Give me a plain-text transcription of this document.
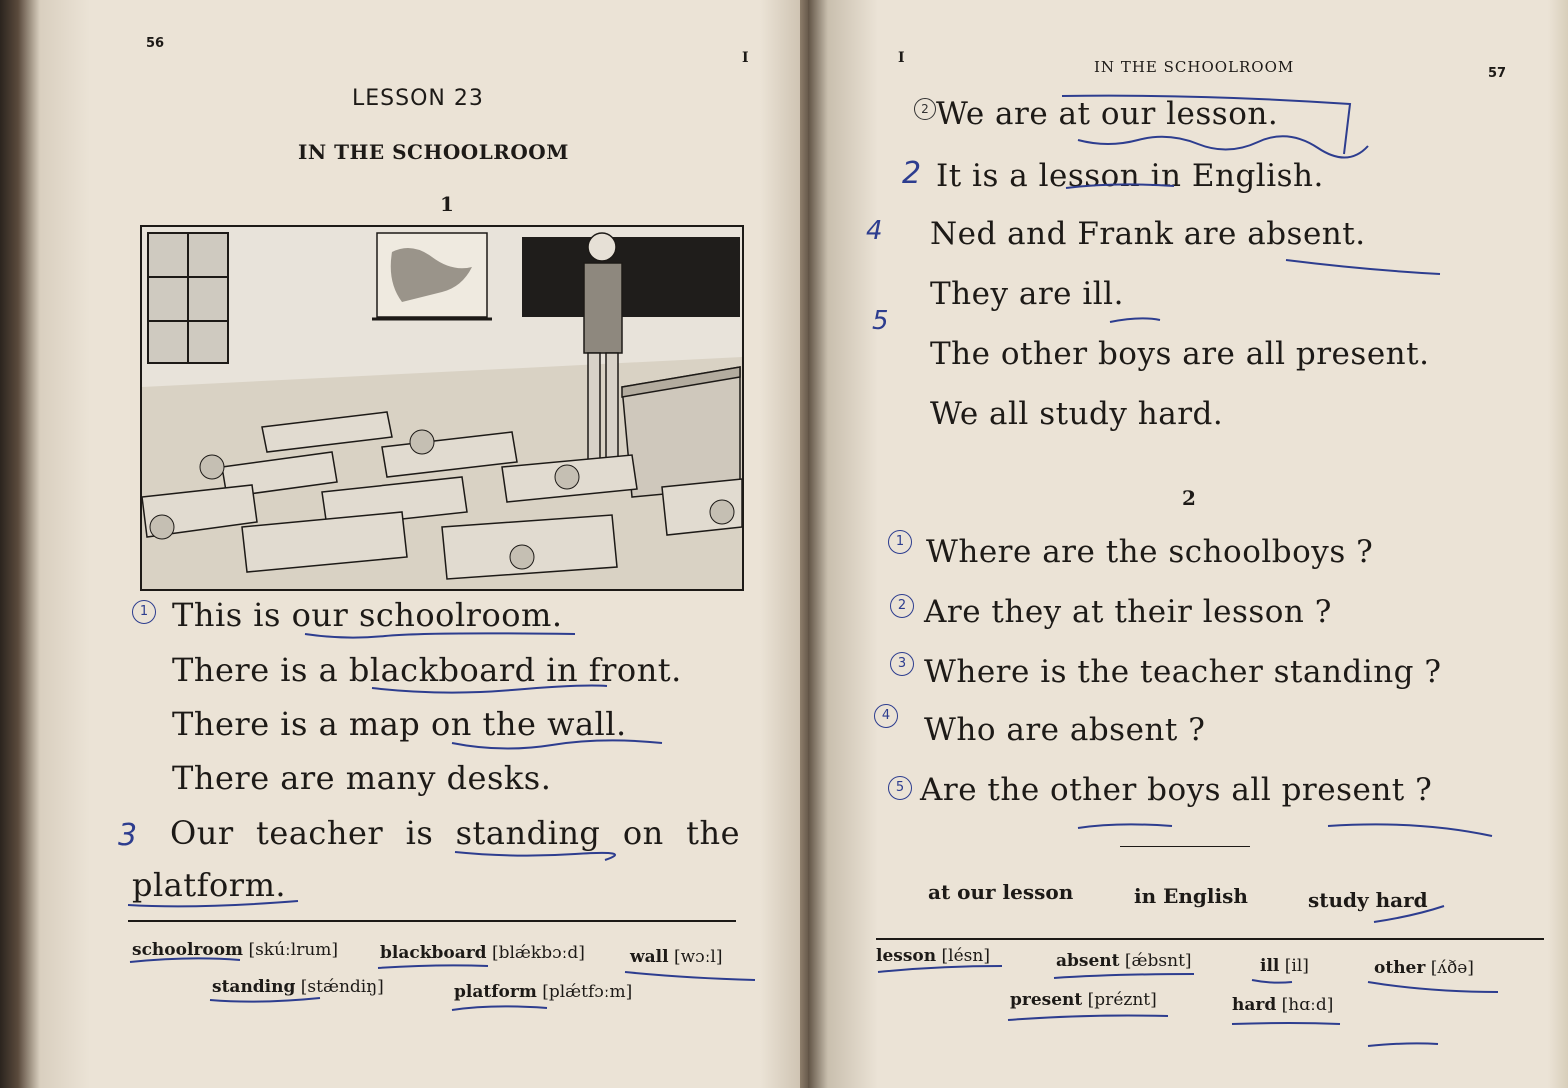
56
I
LESSON 23
IN THE SCHOOLROOM
1
This is our schoolroom.
There is a blackboard in front.
There is a map on the wall.
There are many desks.
Our teacher is standing on the
platform.
schoolroom [skúːlrum] blackboard [blǽkbɔːd]	wall [wɔːl]
standing [stǽndiŋ]	platform [plǽtfɔːm]
1
3
I	IN THE SCHOOLROOM	57
We are at our lesson.
It is a lesson in English.
Ned and Frank are absent.
They are ill.
The other boys are all present.
We all study hard.
2
Where are the schoolboys ?
Are they at their lesson ?
Where is the teacher standing ?
Who are absent ?
Are the other boys all present ?
at our lesson	in English	study hard
lesson [lésn]	absent [ǽbsnt]	ill [il]	other [ʌ́ðə]
present [préznt]	hard [hɑːd]
2
2
4
5
1
2
3
4
5
